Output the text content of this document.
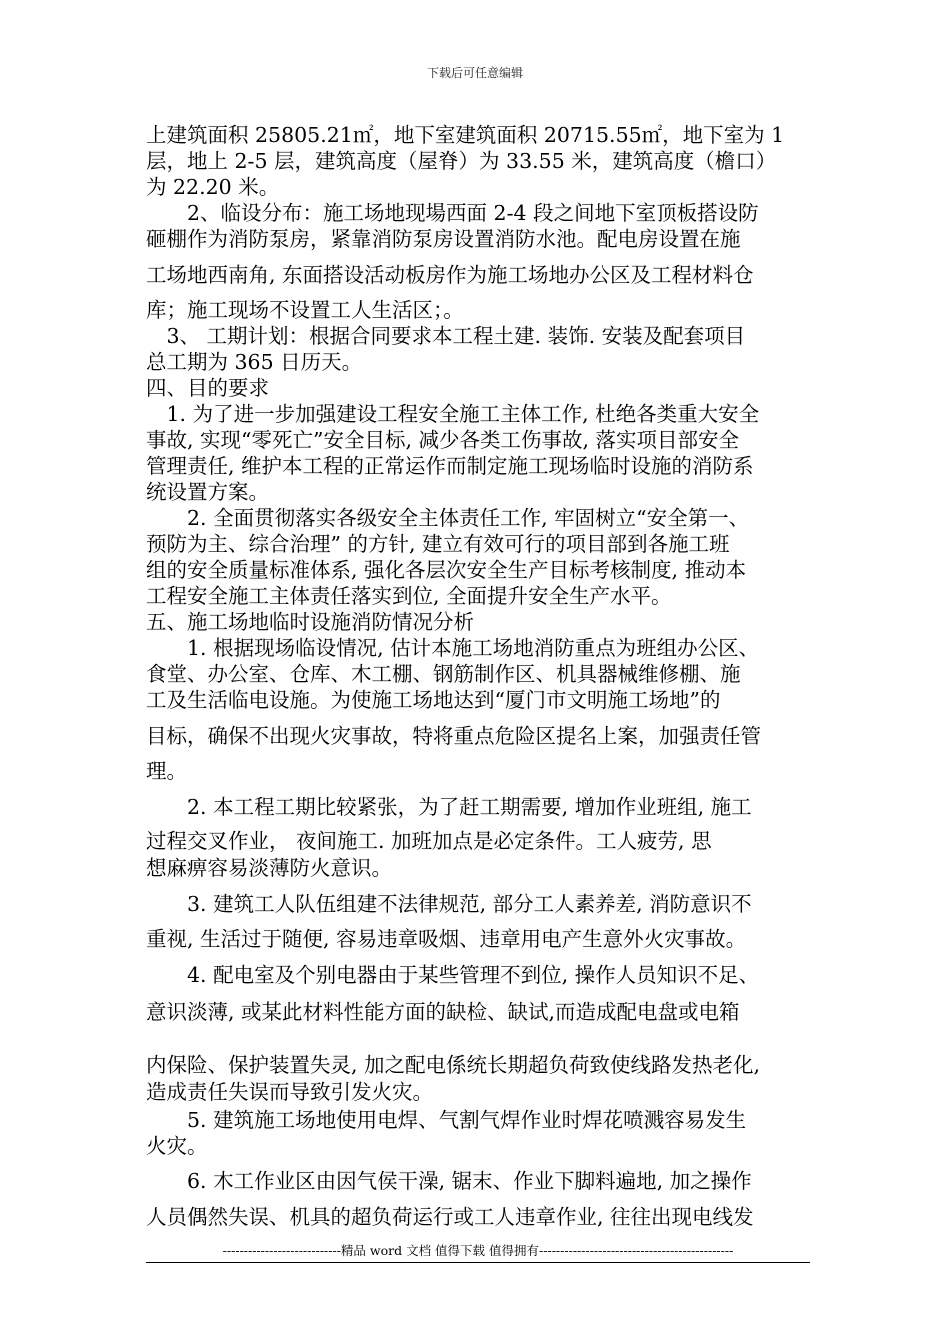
下载后可任意编辑
上建筑面积 25805.21㎡，地下室建筑面积 20715.55㎡，地下室为 1
层，地上 2-5 层，建筑高度（屋脊）为 33.55 米，建筑高度（檐口）
为 22.20 米。
　　2、临设分布：施工场地现場西面 2-4 段之间地下室顶板搭设防
砸棚作为消防泵房，紧靠消防泵房设置消防水池。配电房设置在施
工场地西南角, 东面搭设活动板房作为施工场地办公区及工程材料仓
库；施工现场不设置工人生活区；。
　3、 工期计划：根据合同要求本工程土建. 装饰. 安装及配套项目
总工期为 365 日历天。
四、目的要求
　1. 为了进一步加强建设工程安全施工主体工作, 杜绝各类重大安全
事故, 实现“零死亡”安全目标, 减少各类工伤事故, 落实项目部安全
管理责任, 维护本工程的正常运作而制定施工现场临时设施的消防系
统设置方案。
　　2. 全面贯彻落实各级安全主体责任工作, 牢固树立“安全第一、
预防为主、综合治理” 的方针, 建立有效可行的项目部到各施工班
组的安全质量标准体系, 强化各层次安全生产目标考核制度, 推动本
工程安全施工主体责任落实到位, 全面提升安全生产水平。
五、施工场地临时设施消防情况分析
　　1. 根据现场临设情况, 估计本施工场地消防重点为班组办公区、
食堂、办公室、仓库、木工棚、钢筋制作区、机具器械维修棚、施
工及生活临电设施。为使施工场地达到“厦门市文明施工场地”的
目标，确保不出现火灾事故，特将重点危险区提名上案，加强责任管
理。
　　2. 本工程工期比较紧张，为了赶工期需要, 增加作业班组, 施工
过程交叉作业， 夜间施工. 加班加点是必定条件。工人疲劳, 思
想麻痹容易淡薄防火意识。
　　3. 建筑工人队伍组建不法律规范, 部分工人素养差, 消防意识不
重视, 生活过于随便, 容易违章吸烟、违章用电产生意外火灾事故。
　　4. 配电室及个别电器由于某些管理不到位, 操作人员知识不足、
意识淡薄, 或某此材料性能方面的缺检、缺试,而造成配电盘或电箱
内保险、保护装置失灵, 加之配电係统长期超负荷致使线路发热老化,
造成责任失误而导致引发火灾。
　　5. 建筑施工场地使用电焊、气割气焊作业时焊花喷溅容易发生
火灾。
　　6. 木工作业区由因气侯干澡, 锯末、作业下脚料遍地, 加之操作
人员偶然失误、机具的超负荷运行或工人违章作业, 往往出现电线发
----------------------------精品 word 文档 值得下载 值得拥有----------------------------------------------
